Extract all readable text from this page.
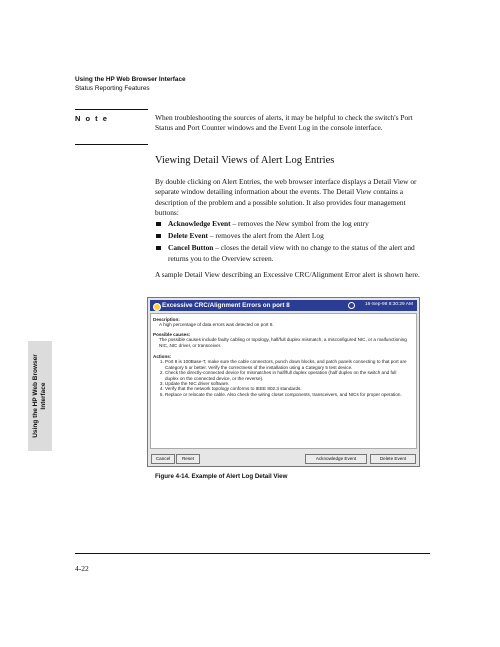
Using the HP Web Browser Interface
Status Reporting Features
N o t e	When troubleshooting the sources of alerts, it may be helpful to check the switch's Port Status and Port Counter windows and the Event Log in the console interface.
Viewing Detail Views of Alert Log Entries
By double clicking on Alert Entries, the web browser interface displays a Detail View or separate window detailing information about the events. The Detail View contains a description of the problem and a possible solution. It also provides four management buttons:
Acknowledge Event – removes the New symbol from the log entry
Delete Event – removes the alert from the Alert Log
Cancel Button – closes the detail view with no change to the status of the alert and returns you to the Overview screen.
A sample Detail View describing an Excessive CRC/Alignment Error alert is shown here.
Excessive CRC/Alignment Errors on port 8	16-Sep-98 8:30:29 AM

Description:

A high percentage of data errors was detected on port 8.

Possible causes:

The possible causes include faulty cabling or topology, half/full duplex mismatch, a misconfigured NIC, or a malfunctioning NIC, NIC driver, or transceiver.

Actions:

1. Port 8 is 100Base-T, make sure the cable connectors, punch down blocks, and patch panels connecting to that port are Category 5 or better. Verify the correctness of the installation using a Category 5 test device.
2. Check the directly-connected device for mismatches in half/full duplex operation (half duplex on the switch and full duplex on the connected device, or the reverse).
3. Update the NIC driver software.
4. Verify that the network topology conforms to IEEE 802.3 standards.
5. Replace or relocate the cable. Also check the wiring closet components, transceivers, and NICs for proper operation.
Cancel	Reset	Acknowledge Event	Delete Event
Figure 4-14. Example of Alert Log Detail View
Using the HP Web Browser Interface
4-22
